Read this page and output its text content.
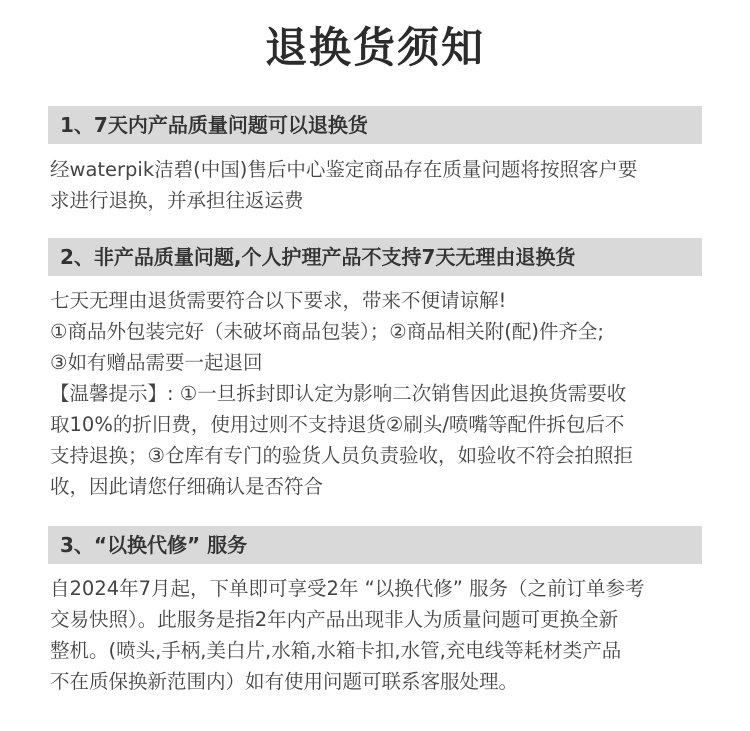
退换货须知
1、7天内产品质量问题可以退换货
经waterpik洁碧(中国)售后中心鉴定商品存在质量问题将按照客户要
求进行退换，并承担往返运费
2、非产品质量问题,个人护理产品不支持7天无理由退换货
七天无理由退货需要符合以下要求，带来不便请谅解!
①商品外包装完好（未破坏商品包装）；②商品相关附(配)件齐全;
③如有赠品需要一起退回
【温馨提示】: ①一旦拆封即认定为影响二次销售因此退换货需要收
取10%的折旧费，使用过则不支持退货②刷头/喷嘴等配件拆包后不
支持退换；③仓库有专门的验货人员负责验收，如验收不符会拍照拒
收，因此请您仔细确认是否符合
3、“以换代修” 服务
自2024年7月起，下单即可享受2年 “以换代修” 服务（之前订单参考
交易快照）。此服务是指2年内产品出现非人为质量问题可更换全新
整机。(喷头,手柄,美白片,水箱,水箱卡扣,水管,充电线等耗材类产品
不在质保换新范围内）如有使用问题可联系客服处理。
